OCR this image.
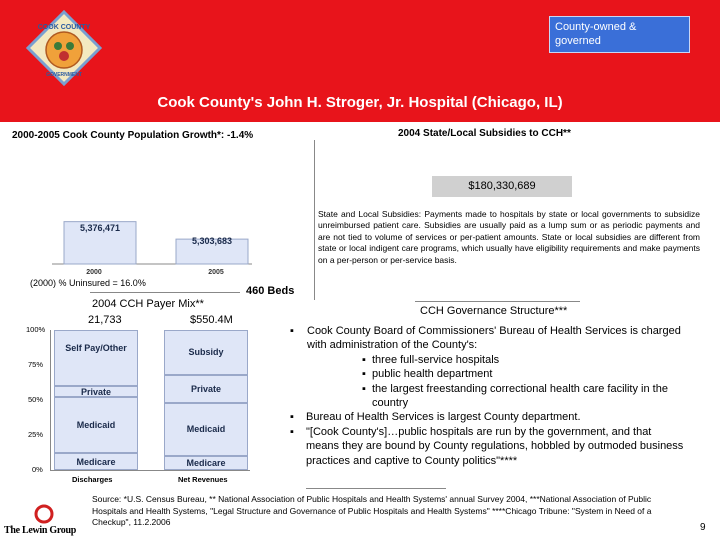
County-owned & governed
COOK COUNTY
GOVERNMENT
Cook County's John H. Stroger, Jr. Hospital (Chicago, IL)
2000-2005 Cook County Population Growth*: -1.4%
5,376,471
5,303,683
2000	2005
(2000) % Uninsured = 16.0%
460 Beds
2004 CCH Payer Mix**
21,733	$550.4M
100%
75%
50%
25%
0%
Medicare
Medicaid
Private
Self Pay/Other
Medicare
Medicaid
Private
Subsidy
Discharges	Net Revenues
2004 State/Local Subsidies to CCH**
$180,330,689
State and Local Subsidies: Payments made to hospitals by state or local governments to subsidize unreimbursed patient care. Subsidies are usually paid as a lump sum or as periodic payments and are not tied to volume of services or per-patient amounts. State or local subsidies are different from state or local indigent care programs, which usually have eligibility requirements and make payments on a per-person or per-service basis.
CCH Governance Structure***
▪	Cook County Board of Commissioners' Bureau of Health Services is charged with administration of the County's:
▪ three full-service hospitals
▪ public health department
▪ the largest freestanding correctional health care facility in the country
▪	Bureau of Health Services is largest County department.
▪	"[Cook County's]…public hospitals are run by the government, and that means they are bound by County regulations, hobbled by outmoded business practices and captive to County politics"****
Source: *U.S. Census Bureau, ** National Association of Public Hospitals and Health Systems' annual Survey 2004, ***National Association of Public Hospitals and Health Systems, "Legal Structure and Governance of Public Hospitals and Health Systems" ****Chicago Tribune: "System in Need of a Checkup", 11.2.2006
The Lewin Group	9
